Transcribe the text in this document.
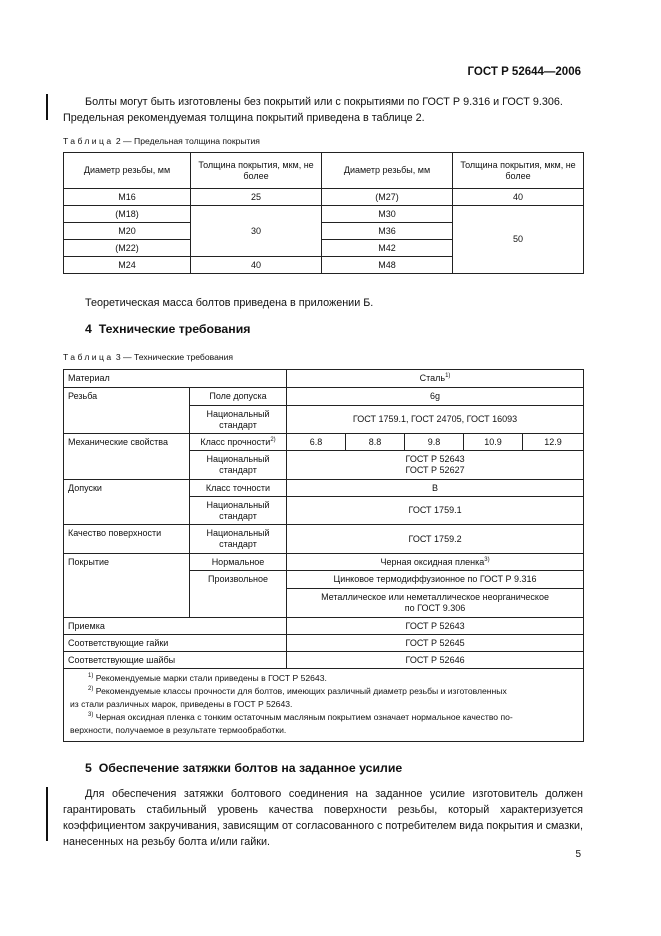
ГОСТ Р 52644—2006
Болты могут быть изготовлены без покрытий или с покрытиями по ГОСТ Р 9.316 и ГОСТ 9.306.
Предельная рекомендуемая толщина покрытий приведена в таблице 2.
Таблица 2 — Предельная толщина покрытия
Диаметр резьбы, мм	Толщина покрытия, мкм, не более	Диаметр резьбы, мм	Толщина покрытия, мкм, не более
M16	25	(M27)	40
(M18)	30	M30	50
M20		M36	
(M22)		M42	
M24	40	M48	
Теоретическая масса болтов приведена в приложении Б.
4 Технические требования
Таблица 3 — Технические требования
Материал		Сталь$^{1)}$
Резьба	Поле допуска	6g				
	Национальный стандарт	ГОСТ 1759.1, ГОСТ 24705, ГОСТ 16093				
Механические свойства	Класс прочности$^{2)}$	6.8	8.8	9.8	10.9	12.9
	Национальный стандарт	ГОСТ Р 52643
ГОСТ Р 52627				

Допуски	Класс точности	B				
	Национальный стандарт	ГОСТ 1759.1				
Качество поверхности	Национальный стандарт	ГОСТ 1759.2				
Покрытие	Нормальное	Черная оксидная пленка$^{3)}$
	Произвольное	Цинковое термодиффузионное по ГОСТ Р 9.316				

		Металлическое или неметаллическое неорганическое
по ГОСТ 9.306				

Приемка		ГОСТ Р 52643				
Соответствующие гайки		ГОСТ Р 52645				
Соответствующие шайбы		ГОСТ Р 52646				

$^{1)}$ Рекомендуемые марки стали приведены в ГОСТ Р 52643.
$^{2)}$ Рекомендуемые классы прочности для болтов, имеющих различный диаметр резьбы и изготовленных
из стали различных марок, приведены в ГОСТ Р 52643.
$^{3)}$ Черная оксидная пленка с тонким остаточным масляным покрытием означает нормальное качество по-
верхности, получаемое в результате термообработки.						
5 Обеспечение затяжки болтов на заданное усилие
Для обеспечения затяжки болтового соединения на заданное усилие изготовитель должен гарантировать стабильный уровень качества поверхности резьбы, который характеризуется коэффициентом закручивания, зависящим от согласованного с потребителем вида покрытия и смазки, нанесенных на резьбу болта и/или гайки.
5
